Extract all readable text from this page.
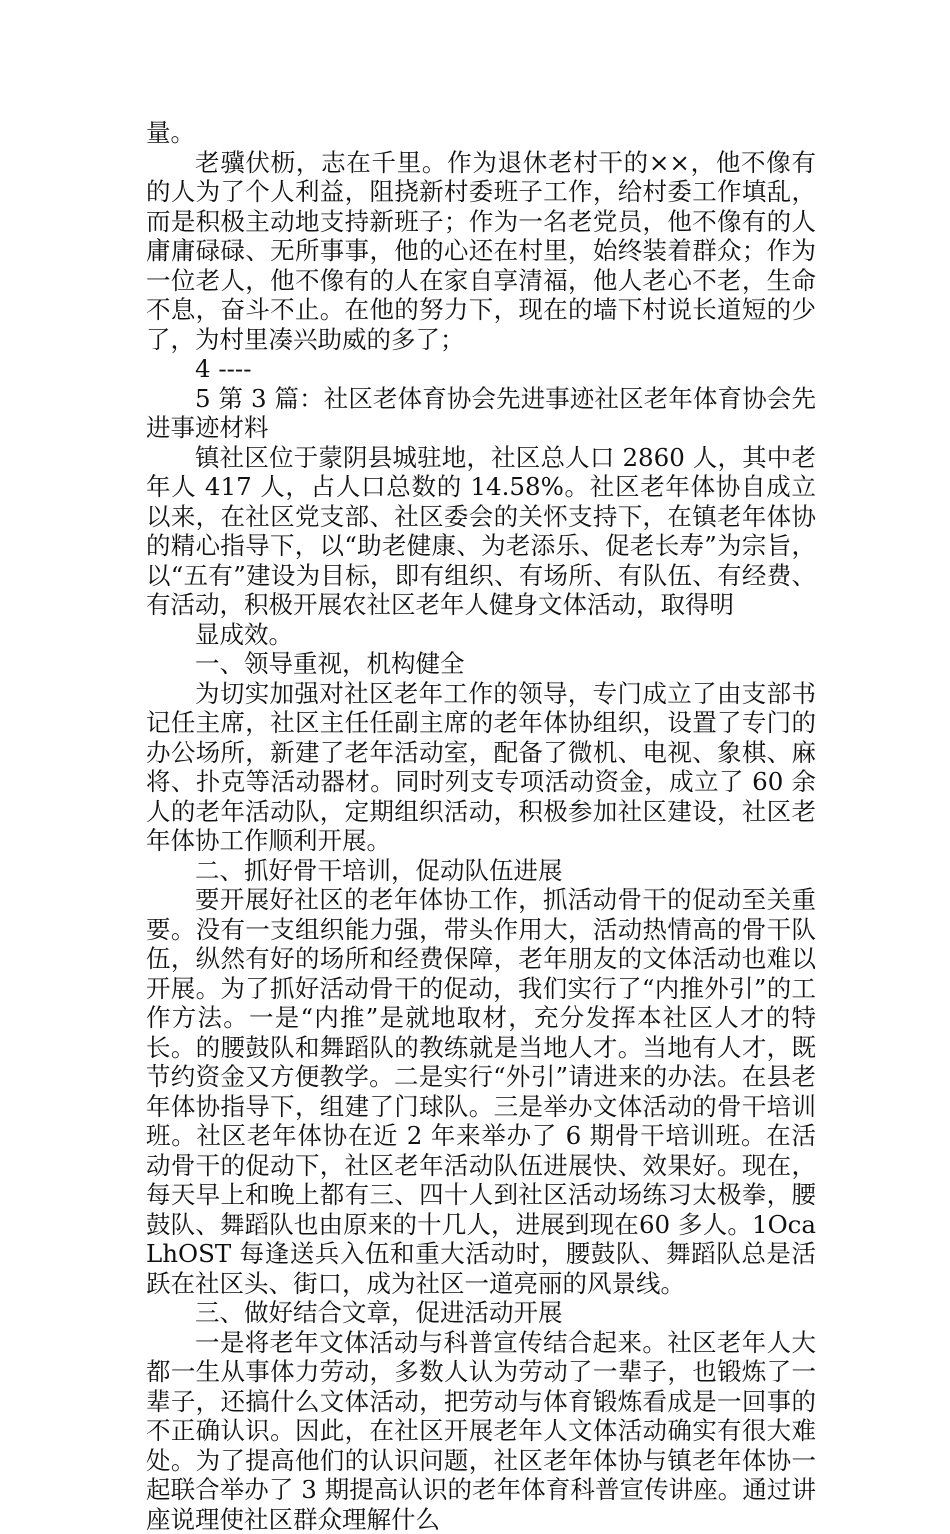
量。

老骥伏枥，志在千里。作为退休老村干的××，他不像有的人为了个人利益，阻挠新村委班子工作，给村委工作填乱，而是积极主动地支持新班子；作为一名老党员，他不像有的人庸庸碌碌、无所事事，他的心还在村里，始终装着群众；作为一位老人，他不像有的人在家自享清福，他人老心不老，生命不息，奋斗不止。在他的努力下，现在的墙下村说长道短的少了，为村里凑兴助威的多了；

4 ----

5 第 3 篇：社区老体育协会先进事迹社区老年体育协会先进事迹材料

镇社区位于蒙阴县城驻地，社区总人口 2860 人，其中老年人 417 人，占人口总数的 14.58%。社区老年体协自成立以来，在社区党支部、社区委会的关怀支持下，在镇老年体协的精心指导下，以“助老健康、为老添乐、促老长寿”为宗旨，以“五有”建设为目标，即有组织、有场所、有队伍、有经费、有活动，积极开展农社区老年人健身文体活动，取得明

显成效。

一、领导重视，机构健全

为切实加强对社区老年工作的领导，专门成立了由支部书记任主席，社区主任任副主席的老年体协组织，设置了专门的办公场所，新建了老年活动室，配备了微机、电视、象棋、麻将、扑克等活动器材。同时列支专项活动资金，成立了 60 余人的老年活动队，定期组织活动，积极参加社区建设，社区老年体协工作顺利开展。

二、抓好骨干培训，促动队伍进展

要开展好社区的老年体协工作，抓活动骨干的促动至关重要。没有一支组织能力强，带头作用大，活动热情高的骨干队伍，纵然有好的场所和经费保障，老年朋友的文体活动也难以开展。为了抓好活动骨干的促动，我们实行了“内推外引”的工作方法。一是“内推”是就地取材，充分发挥本社区人才的特长。的腰鼓队和舞蹈队的教练就是当地人才。当地有人才，既节约资金又方便教学。二是实行“外引”请进来的办法。在县老年体协指导下，组建了门球队。三是举办文体活动的骨干培训班。社区老年体协在近 2 年来举办了 6 期骨干培训班。在活动骨干的促动下，社区老年活动队伍进展快、效果好。现在，每天早上和晚上都有三、四十人到社区活动场练习太极拳，腰鼓队、舞蹈队也由原来的十几人，进展到现在60 多人。1OcaLhOST 每逢送兵入伍和重大活动时，腰鼓队、舞蹈队总是活跃在社区头、街口，成为社区一道亮丽的风景线。

三、做好结合文章，促进活动开展

一是将老年文体活动与科普宣传结合起来。社区老年人大都一生从事体力劳动，多数人认为劳动了一辈子，也锻炼了一辈子，还搞什么文体活动，把劳动与体育锻炼看成是一回事的不正确认识。因此，在社区开展老年人文体活动确实有很大难处。为了提高他们的认识问题，社区老年体协与镇老年体协一起联合举办了 3 期提高认识的老年体育科普宣传讲座。通过讲座说理使社区群众理解什么
